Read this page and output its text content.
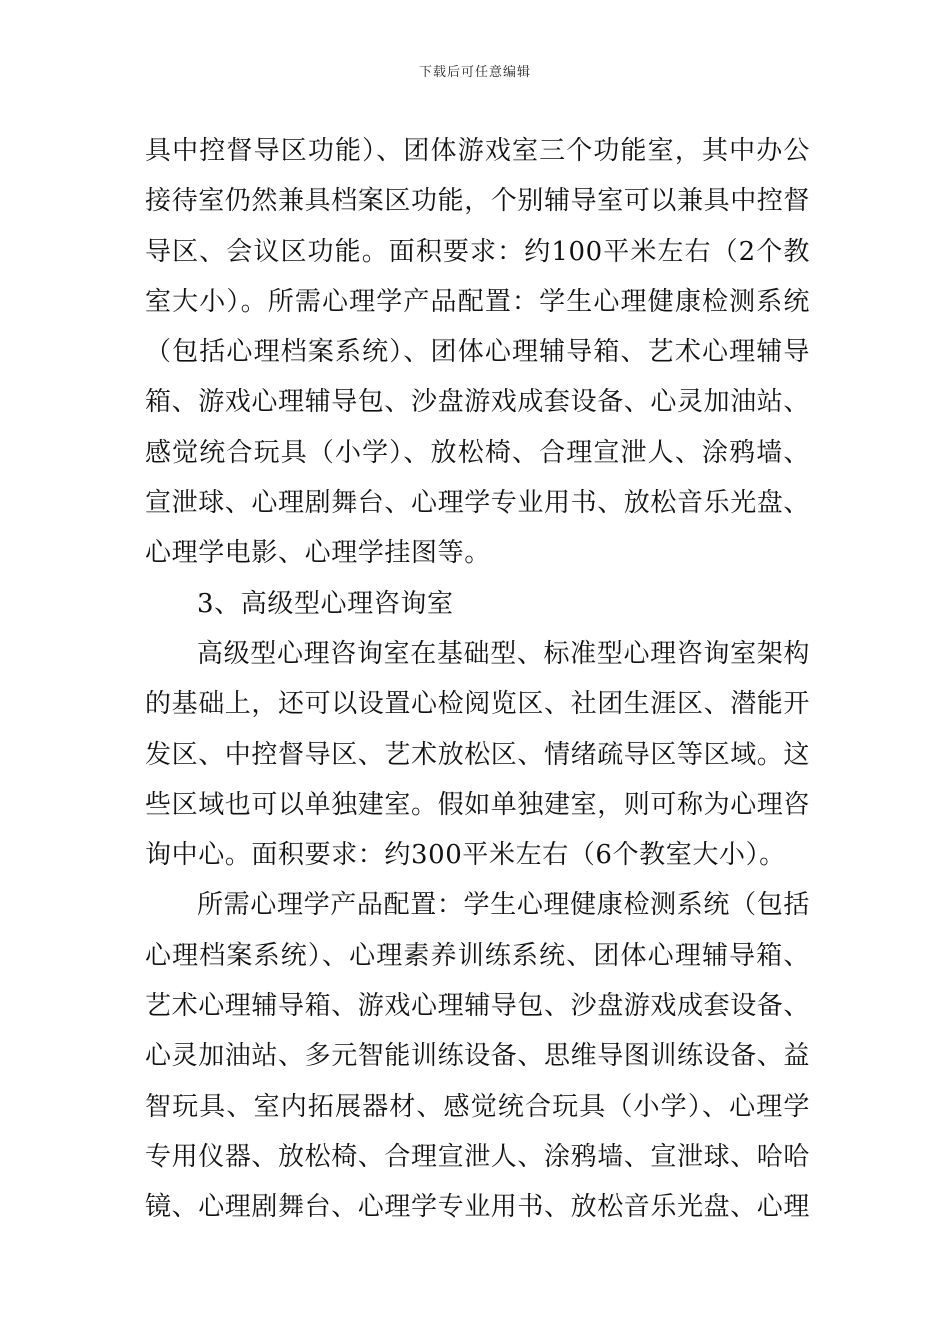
下载后可任意编辑

具中控督导区功能）、团体游戏室三个功能室，其中办公接待室仍然兼具档案区功能，个别辅导室可以兼具中控督导区、会议区功能。面积要求：约100平米左右（2个教室大小）。所需心理学产品配置：学生心理健康检测系统（包括心理档案系统）、团体心理辅导箱、艺术心理辅导箱、游戏心理辅导包、沙盘游戏成套设备、心灵加油站、感觉统合玩具（小学）、放松椅、合理宣泄人、涂鸦墙、宣泄球、心理剧舞台、心理学专业用书、放松音乐光盘、心理学电影、心理学挂图等。

3、高级型心理咨询室

高级型心理咨询室在基础型、标准型心理咨询室架构的基础上，还可以设置心检阅览区、社团生涯区、潜能开发区、中控督导区、艺术放松区、情绪疏导区等区域。这些区域也可以单独建室。假如单独建室，则可称为心理咨询中心。面积要求：约300平米左右（6个教室大小）。

所需心理学产品配置：学生心理健康检测系统（包括心理档案系统）、心理素养训练系统、团体心理辅导箱、艺术心理辅导箱、游戏心理辅导包、沙盘游戏成套设备、心灵加油站、多元智能训练设备、思维导图训练设备、益智玩具、室内拓展器材、感觉统合玩具（小学）、心理学专用仪器、放松椅、合理宣泄人、涂鸦墙、宣泄球、哈哈镜、心理剧舞台、心理学专业用书、放松音乐光盘、心理
